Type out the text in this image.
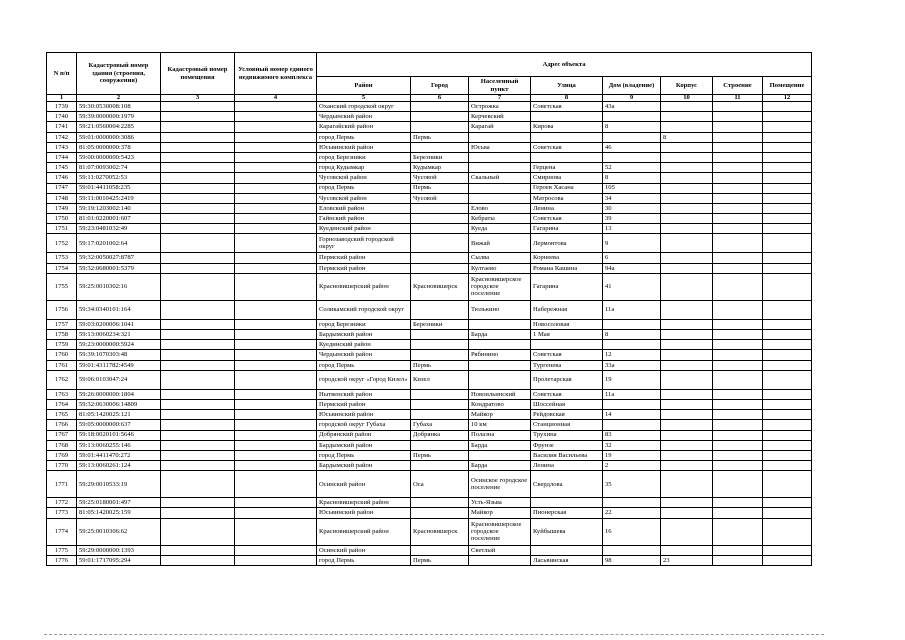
N п/п	Кадастровый номер здания (строения, сооружения)	Кадастровый номер помещения	Условный номер единого недвижимого комплекса	Адрес объекта							
				Район	Город	Населенный пункт	Улица	Дом (владение)	Корпус	Строение	Помещение
1	2	3	4	5	6	7	8	9	10	11	12
1739	59:30:0530008:108			Оханский городской округ		Острожка	Советская	43а			
1740	59:39:0000000:1979			Чердынский район		Керчевский					
1741	59:21:0560004:2285			Карагайский район		Карагай	Кирова	8			
1742	59:01:0000000:3086			город Пермь	Пермь				8		
1743	81:05:0000000:378			Юсьвинский район		Юсьва	Советская	46			
1744	59:00:0000000:5423			город Березники	Березники						
1745	81:07:0093002:74			город Кудымкар	Кудымкар		Герцена	52			
1746	59:11:0270052:53			Чусовской район	Чусовой	Скальный	Смирнова	8			
1747	59:01:4411058:235			город Пермь	Пермь		Героев Хасана	105			
1748	59:11:0010425:2419			Чусовской район	Чусовой		Матросова	34			
1749	59:19:1203002:140			Еловский район		Елово	Ленина	30			
1750	81:01:0220001:607			Гайнский район		Кебраты	Советская	39			
1751	59:23:0481032:49			Куединский район		Куеда	Гагарина	13			
1752	59:17:0201002:64			Горнозаводский городской округ		Вижай	Лермонтова	9			
1753	59:32:0050027:8787			Пермский район		Сылва	Корнеева	6			
1754	59:32:0680001:5379			Пермский район		Култаево	Романа Кашина	94а			
1755	59:25:0010302:16			Красновишерский район	Красновишерск	Красновишерское городское поселение	Гагарина	41			
1756	59:34:0340101:164			Соликамский городской округ		Тюлькино	Набережная	11а			
1757	59:03:0200006:1041			город Березники	Березники		Новосоловая				
1758	59:13:0060234:321			Бардымский район		Барда	1 Мая	8			
1759	59:23:0000000:5924			Куединский район							
1760	59:39:1070303:48			Чердынский район		Рябинино	Советская	12			
1761	59:01:4311782:4549			город Пермь	Пермь		Тургенева	33а			
1762	59:06:0103047:24			городской округ «Город Кизел»	Кизел		Пролетарская	19			
1763	59:26:0000000:1804			Нытвенский район		Новоильинский	Советская	11а			
1764	59:32:0630006:14809			Пермский район		Кондратово	Шоссейная				
1765	81:05:1420025:121			Юсьвинский район		Майкор	Рейдовская	14			
1766	59:05:0000000:637			городской округ Губаха	Губаха	10 км	Станционная				
1767	59:18:0020101:5646			Добрянский район	Добрянка	Полазна	Трухина	83			
1768	59:13:0060255:146			Бардымский район		Барда	Фрунзе	32			
1769	59:01:4411470:272			город Пермь	Пермь		Василия Васильева	19			
1770	59:13:0060261:124			Бардымский район		Барда	Ленина	2			
1771	59:29:0010533:19			Осинский район	Оса	Осинское городское поселение	Свердлова	35			
1772	59:25:0180001:497			Красновишерский район		Усть-Язьва					
1773	81:05:1420025:159			Юсьвинский район		Майкор	Пионерская	22			
1774	59:25:0010306:62			Красновишерский район	Красновишерск	Красновишерское городское поселение	Куйбышева	16			
1775	59:29:0000000:1393			Осинский район		Светлый					
1776	59:01:1717095:294			город Пермь	Пермь		Ласьвинская	98	23		
